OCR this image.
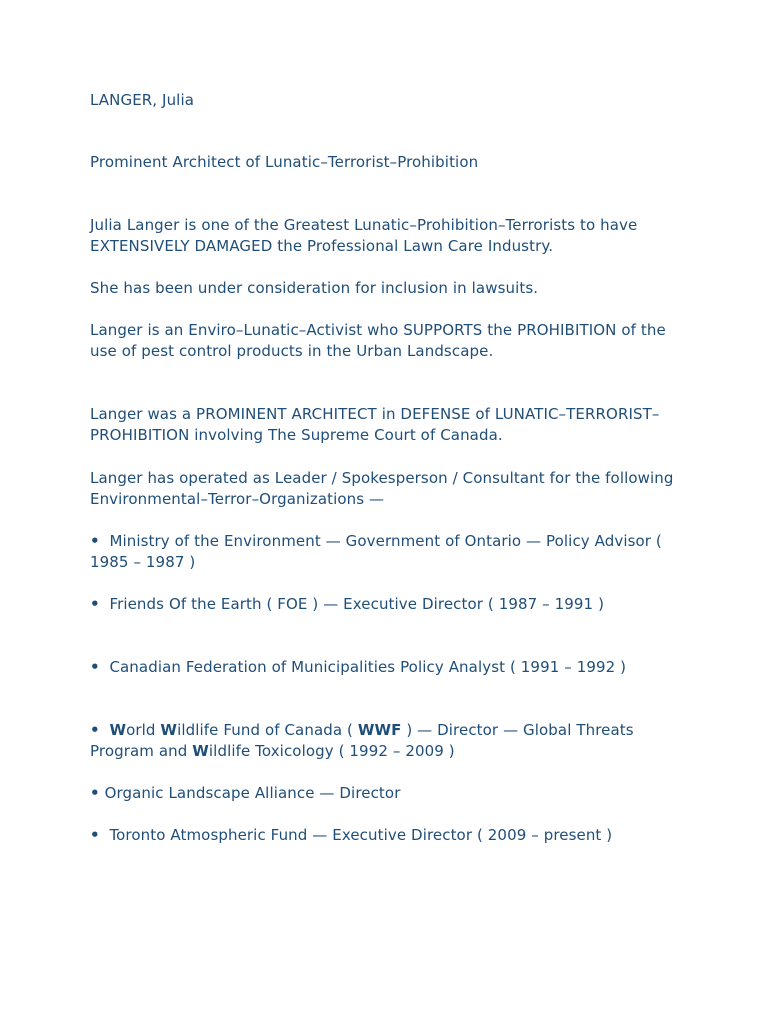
LANGER, Julia

Prominent Architect of Lunatic–Terrorist–Prohibition

Julia Langer is one of the Greatest Lunatic–Prohibition–Terrorists to have EXTENSIVELY DAMAGED the Professional Lawn Care Industry.

She has been under consideration for inclusion in lawsuits.

Langer is an Enviro–Lunatic–Activist who SUPPORTS the PROHIBITION of the use of pest control products in the Urban Landscape.

Langer was a PROMINENT ARCHITECT in DEFENSE of LUNATIC–TERRORIST–PROHIBITION involving The Supreme Court of Canada.

Langer has operated as Leader / Spokesperson / Consultant for the following Environmental–Terror–Organizations —

• Ministry of the Environment — Government of Ontario — Policy Advisor ( 1985 – 1987 )

• Friends Of the Earth ( FOE ) — Executive Director ( 1987 – 1991 )

• Canadian Federation of Municipalities Policy Analyst ( 1991 – 1992 )

• World Wildlife Fund of Canada ( WWF ) — Director — Global Threats Program and Wildlife Toxicology ( 1992 – 2009 )

• Organic Landscape Alliance — Director

• Toronto Atmospheric Fund — Executive Director ( 2009 – present )
